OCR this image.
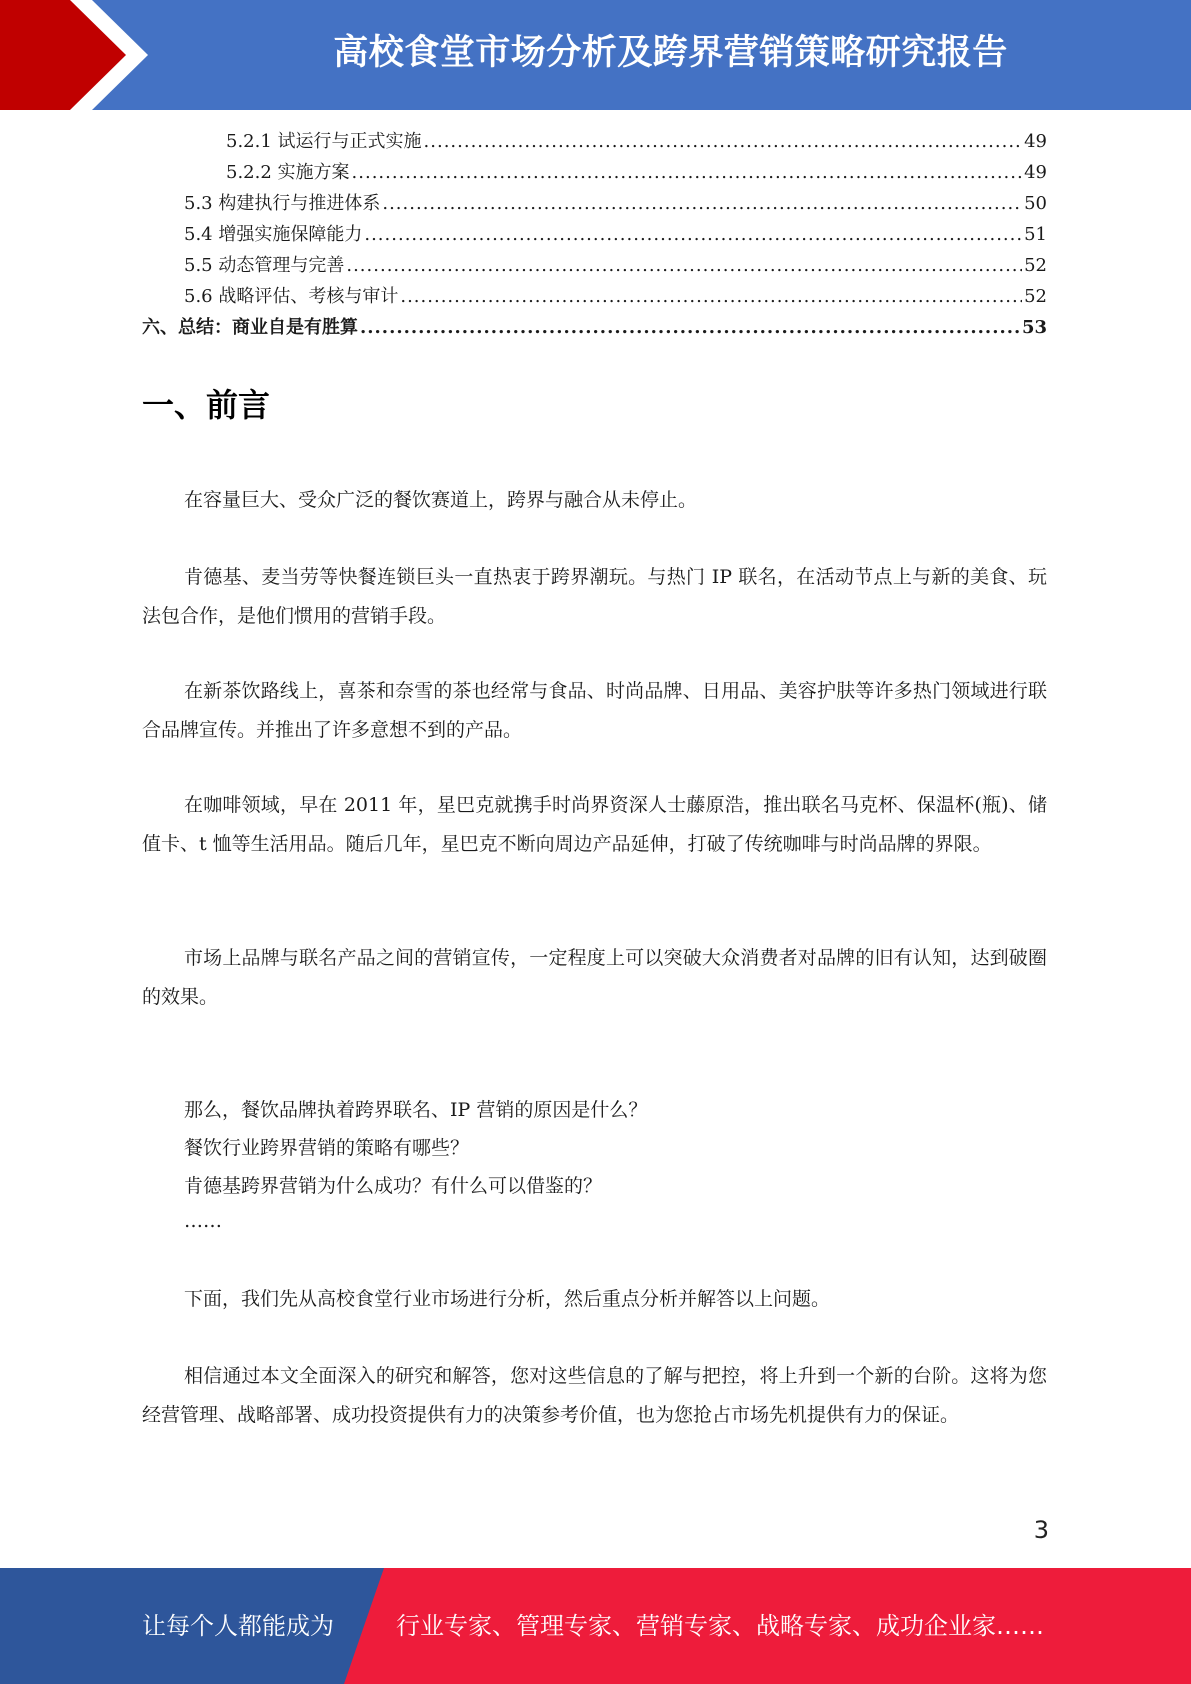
高校食堂市场分析及跨界营销策略研究报告
5.2.1 试运行与正式实施 .....	49
5.2.2 实施方案 .....	49
5.3 构建执行与推进体系 .....	50
5.4 增强实施保障能力 .....	51
5.5 动态管理与完善 .....	52
5.6 战略评估、考核与审计 .....	52
六、总结：商业自是有胜算 .....	53
一、前言

在容量巨大、受众广泛的餐饮赛道上，跨界与融合从未停止。

肯德基、麦当劳等快餐连锁巨头一直热衷于跨界潮玩。与热门 IP 联名，在活动节点上与新的美食、玩法包合作，是他们惯用的营销手段。

在新茶饮路线上，喜茶和奈雪的茶也经常与食品、时尚品牌、日用品、美容护肤等许多热门领域进行联合品牌宣传。并推出了许多意想不到的产品。

在咖啡领域，早在 2011 年，星巴克就携手时尚界资深人士藤原浩，推出联名马克杯、保温杯(瓶)、储值卡、t 恤等生活用品。随后几年，星巴克不断向周边产品延伸，打破了传统咖啡与时尚品牌的界限。

市场上品牌与联名产品之间的营销宣传，一定程度上可以突破大众消费者对品牌的旧有认知，达到破圈的效果。

那么，餐饮品牌执着跨界联名、IP 营销的原因是什么？

餐饮行业跨界营销的策略有哪些？

肯德基跨界营销为什么成功？有什么可以借鉴的？

……

下面，我们先从高校食堂行业市场进行分析，然后重点分析并解答以上问题。

相信通过本文全面深入的研究和解答，您对这些信息的了解与把控，将上升到一个新的台阶。这将为您经营管理、战略部署、成功投资提供有力的决策参考价值，也为您抢占市场先机提供有力的保证。

3
让每个人都能成为	行业专家、管理专家、营销专家、战略专家、成功企业家……
